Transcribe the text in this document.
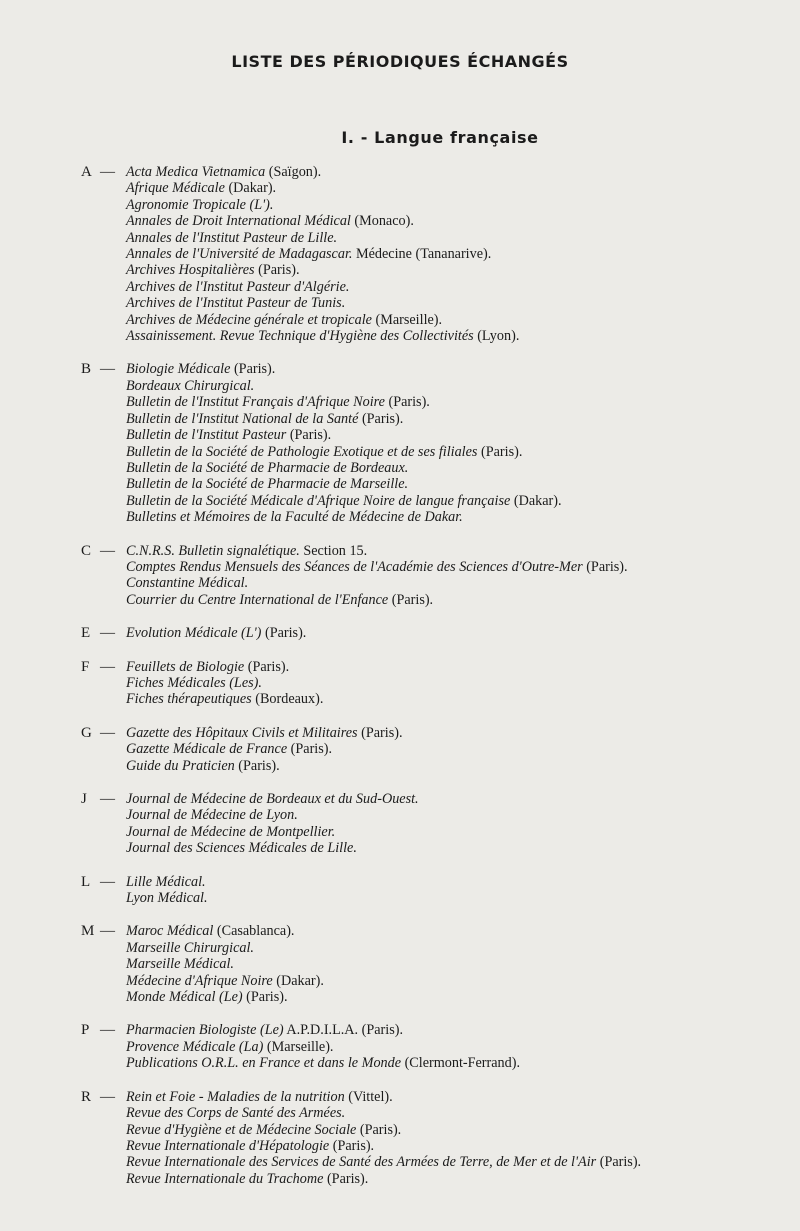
LISTE DES PÉRIODIQUES ÉCHANGÉS
I. - Langue française
A — Acta Medica Vietnamica (Saïgon).
Afrique Médicale (Dakar).
Agronomie Tropicale (L').
Annales de Droit International Médical (Monaco).
Annales de l'Institut Pasteur de Lille.
Annales de l'Université de Madagascar. Médecine (Tananarive).
Archives Hospitalières (Paris).
Archives de l'Institut Pasteur d'Algérie.
Archives de l'Institut Pasteur de Tunis.
Archives de Médecine générale et tropicale (Marseille).
Assainissement. Revue Technique d'Hygiène des Collectivités (Lyon).
B — Biologie Médicale (Paris).
Bordeaux Chirurgical.
Bulletin de l'Institut Français d'Afrique Noire (Paris).
Bulletin de l'Institut National de la Santé (Paris).
Bulletin de l'Institut Pasteur (Paris).
Bulletin de la Société de Pathologie Exotique et de ses filiales (Paris).
Bulletin de la Société de Pharmacie de Bordeaux.
Bulletin de la Société de Pharmacie de Marseille.
Bulletin de la Société Médicale d'Afrique Noire de langue française (Dakar).
Bulletins et Mémoires de la Faculté de Médecine de Dakar.
C — C.N.R.S. Bulletin signalétique. Section 15.
Comptes Rendus Mensuels des Séances de l'Académie des Sciences d'Outre-Mer (Paris).
Constantine Médical.
Courrier du Centre International de l'Enfance (Paris).
E — Evolution Médicale (L') (Paris).
F — Feuillets de Biologie (Paris).
Fiches Médicales (Les).
Fiches thérapeutiques (Bordeaux).
G — Gazette des Hôpitaux Civils et Militaires (Paris).
Gazette Médicale de France (Paris).
Guide du Praticien (Paris).
J — Journal de Médecine de Bordeaux et du Sud-Ouest.
Journal de Médecine de Lyon.
Journal de Médecine de Montpellier.
Journal des Sciences Médicales de Lille.
L — Lille Médical.
Lyon Médical.
M — Maroc Médical (Casablanca).
Marseille Chirurgical.
Marseille Médical.
Médecine d'Afrique Noire (Dakar).
Monde Médical (Le) (Paris).
P — Pharmacien Biologiste (Le) A.P.D.I.L.A. (Paris).
Provence Médicale (La) (Marseille).
Publications O.R.L. en France et dans le Monde (Clermont-Ferrand).
R — Rein et Foie - Maladies de la nutrition (Vittel).
Revue des Corps de Santé des Armées.
Revue d'Hygiène et de Médecine Sociale (Paris).
Revue Internationale d'Hépatologie (Paris).
Revue Internationale des Services de Santé des Armées de Terre, de Mer et de l'Air (Paris).
Revue Internationale du Trachome (Paris).
